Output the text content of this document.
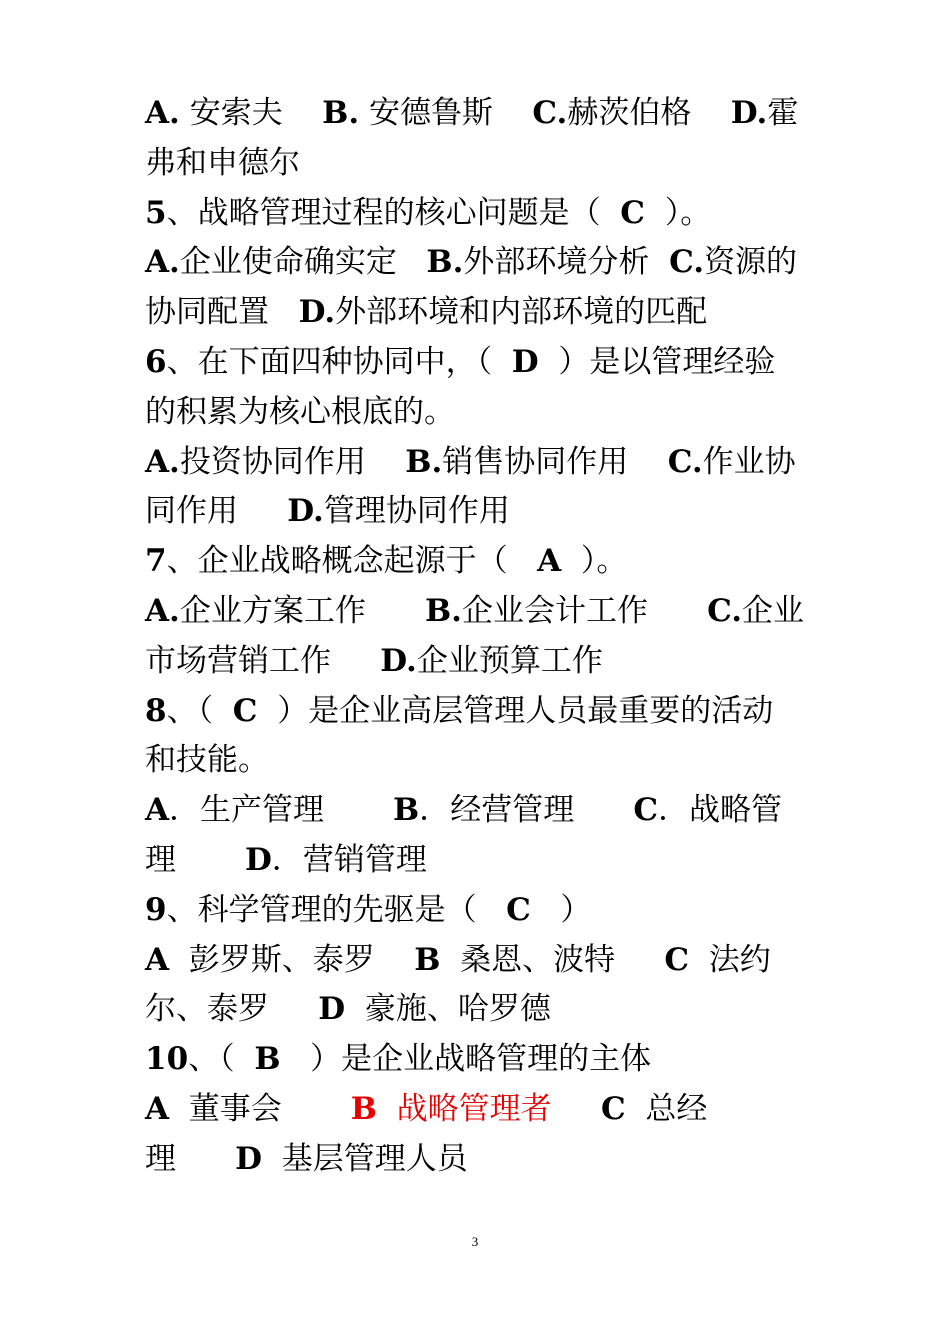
A. 安索夫    B. 安德鲁斯    C.赫茨伯格    D.霍
弗和申德尔
5、战略管理过程的核心问题是（  C  ）。
A.企业使命确实定   B.外部环境分析  C.资源的
协同配置   D.外部环境和内部环境的匹配
6、在下面四种协同中，（  D  ）是以管理经验
的积累为核心根底的。
A.投资协同作用    B.销售协同作用    C.作业协
同作用     D.管理协同作用
7、企业战略概念起源于（   A  ）。
A.企业方案工作      B.企业会计工作      C.企业
市场营销工作     D.企业预算工作
8、（  C  ）是企业高层管理人员最重要的活动
和技能。
A．生产管理       B．经营管理      C．战略管
理       D．营销管理
9、科学管理的先驱是（   C   ）
A  彭罗斯、泰罗    B  桑恩、波特     C  法约
尔、泰罗     D  豪施、哈罗德
10、（  B   ）是企业战略管理的主体
A  董事会       B  战略管理者 C  总经
理      D  基层管理人员
3
